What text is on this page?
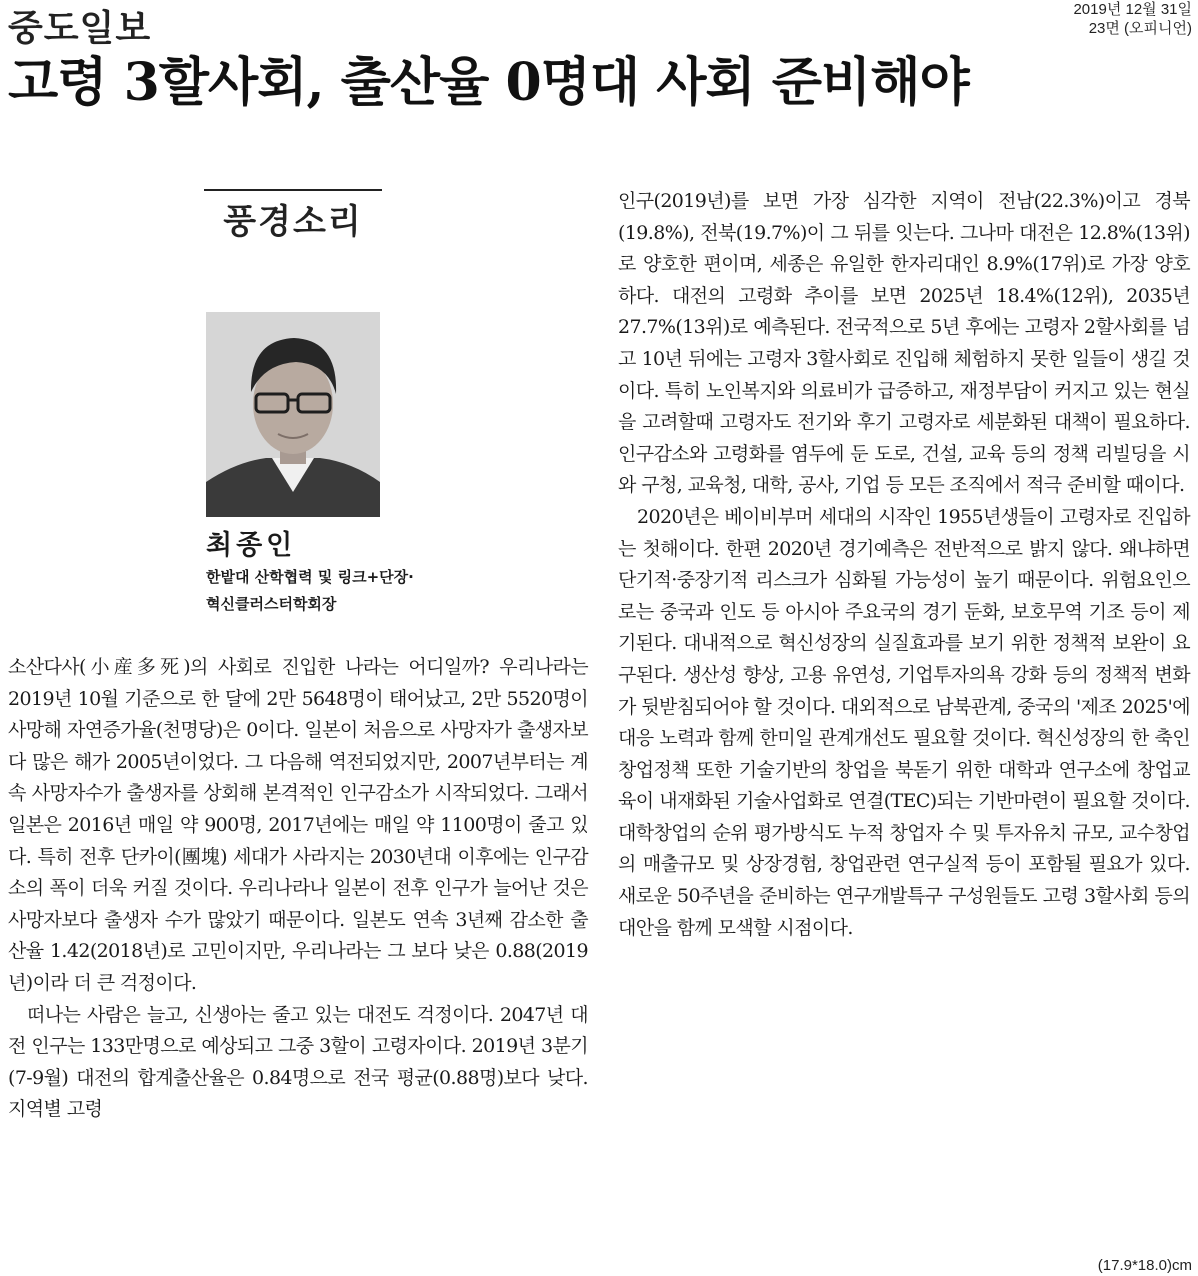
중도일보	2019년 12월 31일
23면 (오피니언)
고령 3할사회, 출산율 0명대 사회 준비해야
풍경소리
최종인
한밭대 산학협력 및 링크+단장·
혁신클러스터학회장

소산다사(小産多死)의 사회로 진입한 나라는 어디일까? 우리나라는 2019년 10월 기준으로 한 달에 2만 5648명이 태어났고, 2만 5520명이 사망해 자연증가율(천명당)은 0이다. 일본이 처음으로 사망자가 출생자보다 많은 해가 2005년이었다. 그 다음해 역전되었지만, 2007년부터는 계속 사망자수가 출생자를 상회해 본격적인 인구감소가 시작되었다. 그래서 일본은 2016년 매일 약 900명, 2017년에는 매일 약 1100명이 줄고 있다. 특히 전후 단카이(團塊) 세대가 사라지는 2030년대 이후에는 인구감소의 폭이 더욱 커질 것이다. 우리나라나 일본이 전후 인구가 늘어난 것은 사망자보다 출생자 수가 많았기 때문이다. 일본도 연속 3년째 감소한 출산율 1.42(2018년)로 고민이지만, 우리나라는 그 보다 낮은 0.88(2019년)이라 더 큰 걱정이다.

떠나는 사람은 늘고, 신생아는 줄고 있는 대전도 걱정이다. 2047년 대전 인구는 133만명으로 예상되고 그중 3할이 고령자이다. 2019년 3분기(7-9월) 대전의 합계출산율은 0.84명으로 전국 평균(0.88명)보다 낮다. 지역별 고령

인구(2019년)를 보면 가장 심각한 지역이 전남(22.3%)이고 경북(19.8%), 전북(19.7%)이 그 뒤를 잇는다. 그나마 대전은 12.8%(13위)로 양호한 편이며, 세종은 유일한 한자리대인 8.9%(17위)로 가장 양호하다. 대전의 고령화 추이를 보면 2025년 18.4%(12위), 2035년 27.7%(13위)로 예측된다. 전국적으로 5년 후에는 고령자 2할사회를 넘고 10년 뒤에는 고령자 3할사회로 진입해 체험하지 못한 일들이 생길 것이다. 특히 노인복지와 의료비가 급증하고, 재정부담이 커지고 있는 현실을 고려할때 고령자도 전기와 후기 고령자로 세분화된 대책이 필요하다. 인구감소와 고령화를 염두에 둔 도로, 건설, 교육 등의 정책 리빌딩을 시와 구청, 교육청, 대학, 공사, 기업 등 모든 조직에서 적극 준비할 때이다.

2020년은 베이비부머 세대의 시작인 1955년생들이 고령자로 진입하는 첫해이다. 한편 2020년 경기예측은 전반적으로 밝지 않다. 왜냐하면 단기적·중장기적 리스크가 심화될 가능성이 높기 때문이다. 위험요인으로는 중국과 인도 등 아시아 주요국의 경기 둔화, 보호무역 기조 등이 제기된다. 대내적으로 혁신성장의 실질효과를 보기 위한 정책적 보완이 요구된다. 생산성 향상, 고용 유연성, 기업투자의욕 강화 등의 정책적 변화가 뒷받침되어야 할 것이다. 대외적으로 남북관계, 중국의 '제조 2025'에 대응 노력과 함께 한미일 관계개선도 필요할 것이다. 혁신성장의 한 축인 창업정책 또한 기술기반의 창업을 북돋기 위한 대학과 연구소에 창업교육이 내재화된 기술사업화로 연결(TEC)되는 기반마련이 필요할 것이다. 대학창업의 순위 평가방식도 누적 창업자 수 및 투자유치 규모, 교수창업의 매출규모 및 상장경험, 창업관련 연구실적 등이 포함될 필요가 있다. 새로운 50주년을 준비하는 연구개발특구 구성원들도 고령 3할사회 등의 대안을 함께 모색할 시점이다.

(17.9*18.0)cm
